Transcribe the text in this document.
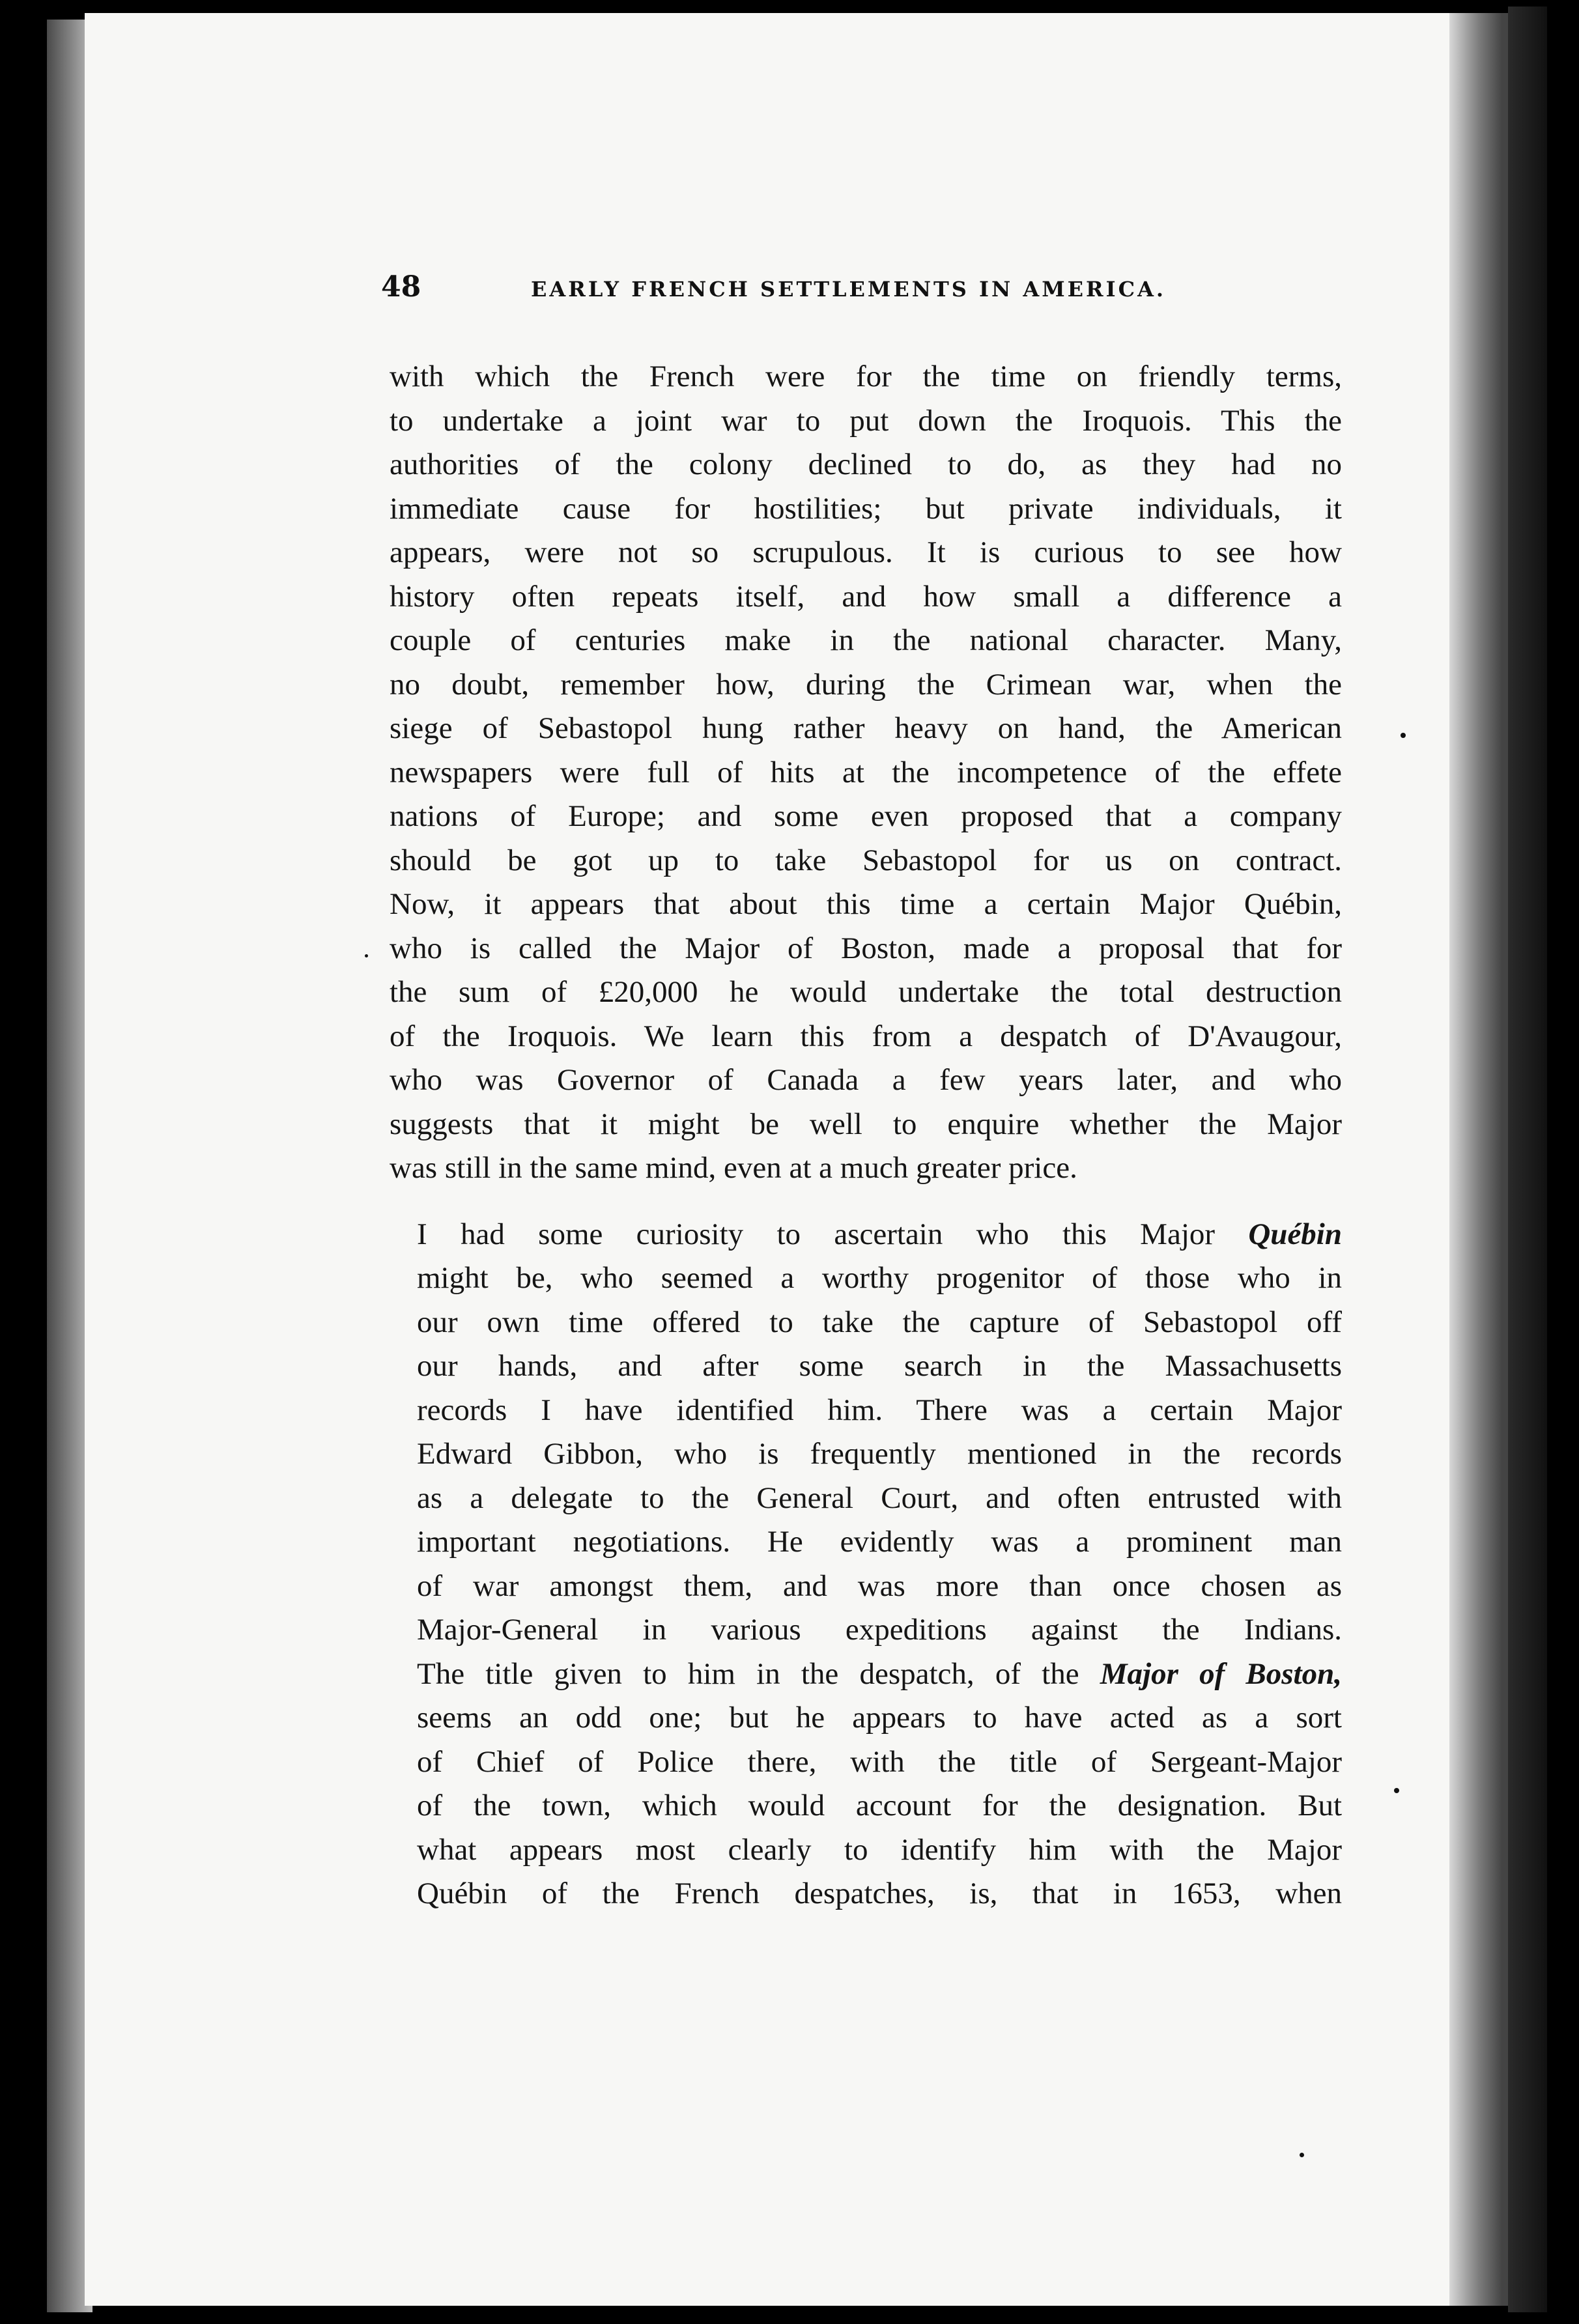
48	EARLY FRENCH SETTLEMENTS IN AMERICA.
with which the French were for the time on friendly terms,
to undertake a joint war to put down the Iroquois. This the
authorities of the colony declined to do, as they had no
immediate cause for hostilities; but private individuals, it
appears, were not so scrupulous. It is curious to see how
history often repeats itself, and how small a difference a
couple of centuries make in the national character. Many,
no doubt, remember how, during the Crimean war, when the
siege of Sebastopol hung rather heavy on hand, the American
newspapers were full of hits at the incompetence of the effete
nations of Europe; and some even proposed that a company
should be got up to take Sebastopol for us on contract.
Now, it appears that about this time a certain Major Québin,
who is called the Major of Boston, made a proposal that for
the sum of £20,000 he would undertake the total destruction
of the Iroquois. We learn this from a despatch of D'Avaugour,
who was Governor of Canada a few years later, and who
suggests that it might be well to enquire whether the Major
was still in the same mind, even at a much greater price.
I had some curiosity to ascertain who this Major Québin
might be, who seemed a worthy progenitor of those who in
our own time offered to take the capture of Sebastopol off
our hands, and after some search in the Massachusetts
records I have identified him. There was a certain Major
Edward Gibbon, who is frequently mentioned in the records
as a delegate to the General Court, and often entrusted with
important negotiations. He evidently was a prominent man
of war amongst them, and was more than once chosen as
Major-General in various expeditions against the Indians.
The title given to him in the despatch, of the Major of Boston,
seems an odd one; but he appears to have acted as a sort
of Chief of Police there, with the title of Sergeant-Major
of the town, which would account for the designation. But
what appears most clearly to identify him with the Major
Québin of the French despatches, is, that in 1653, when
